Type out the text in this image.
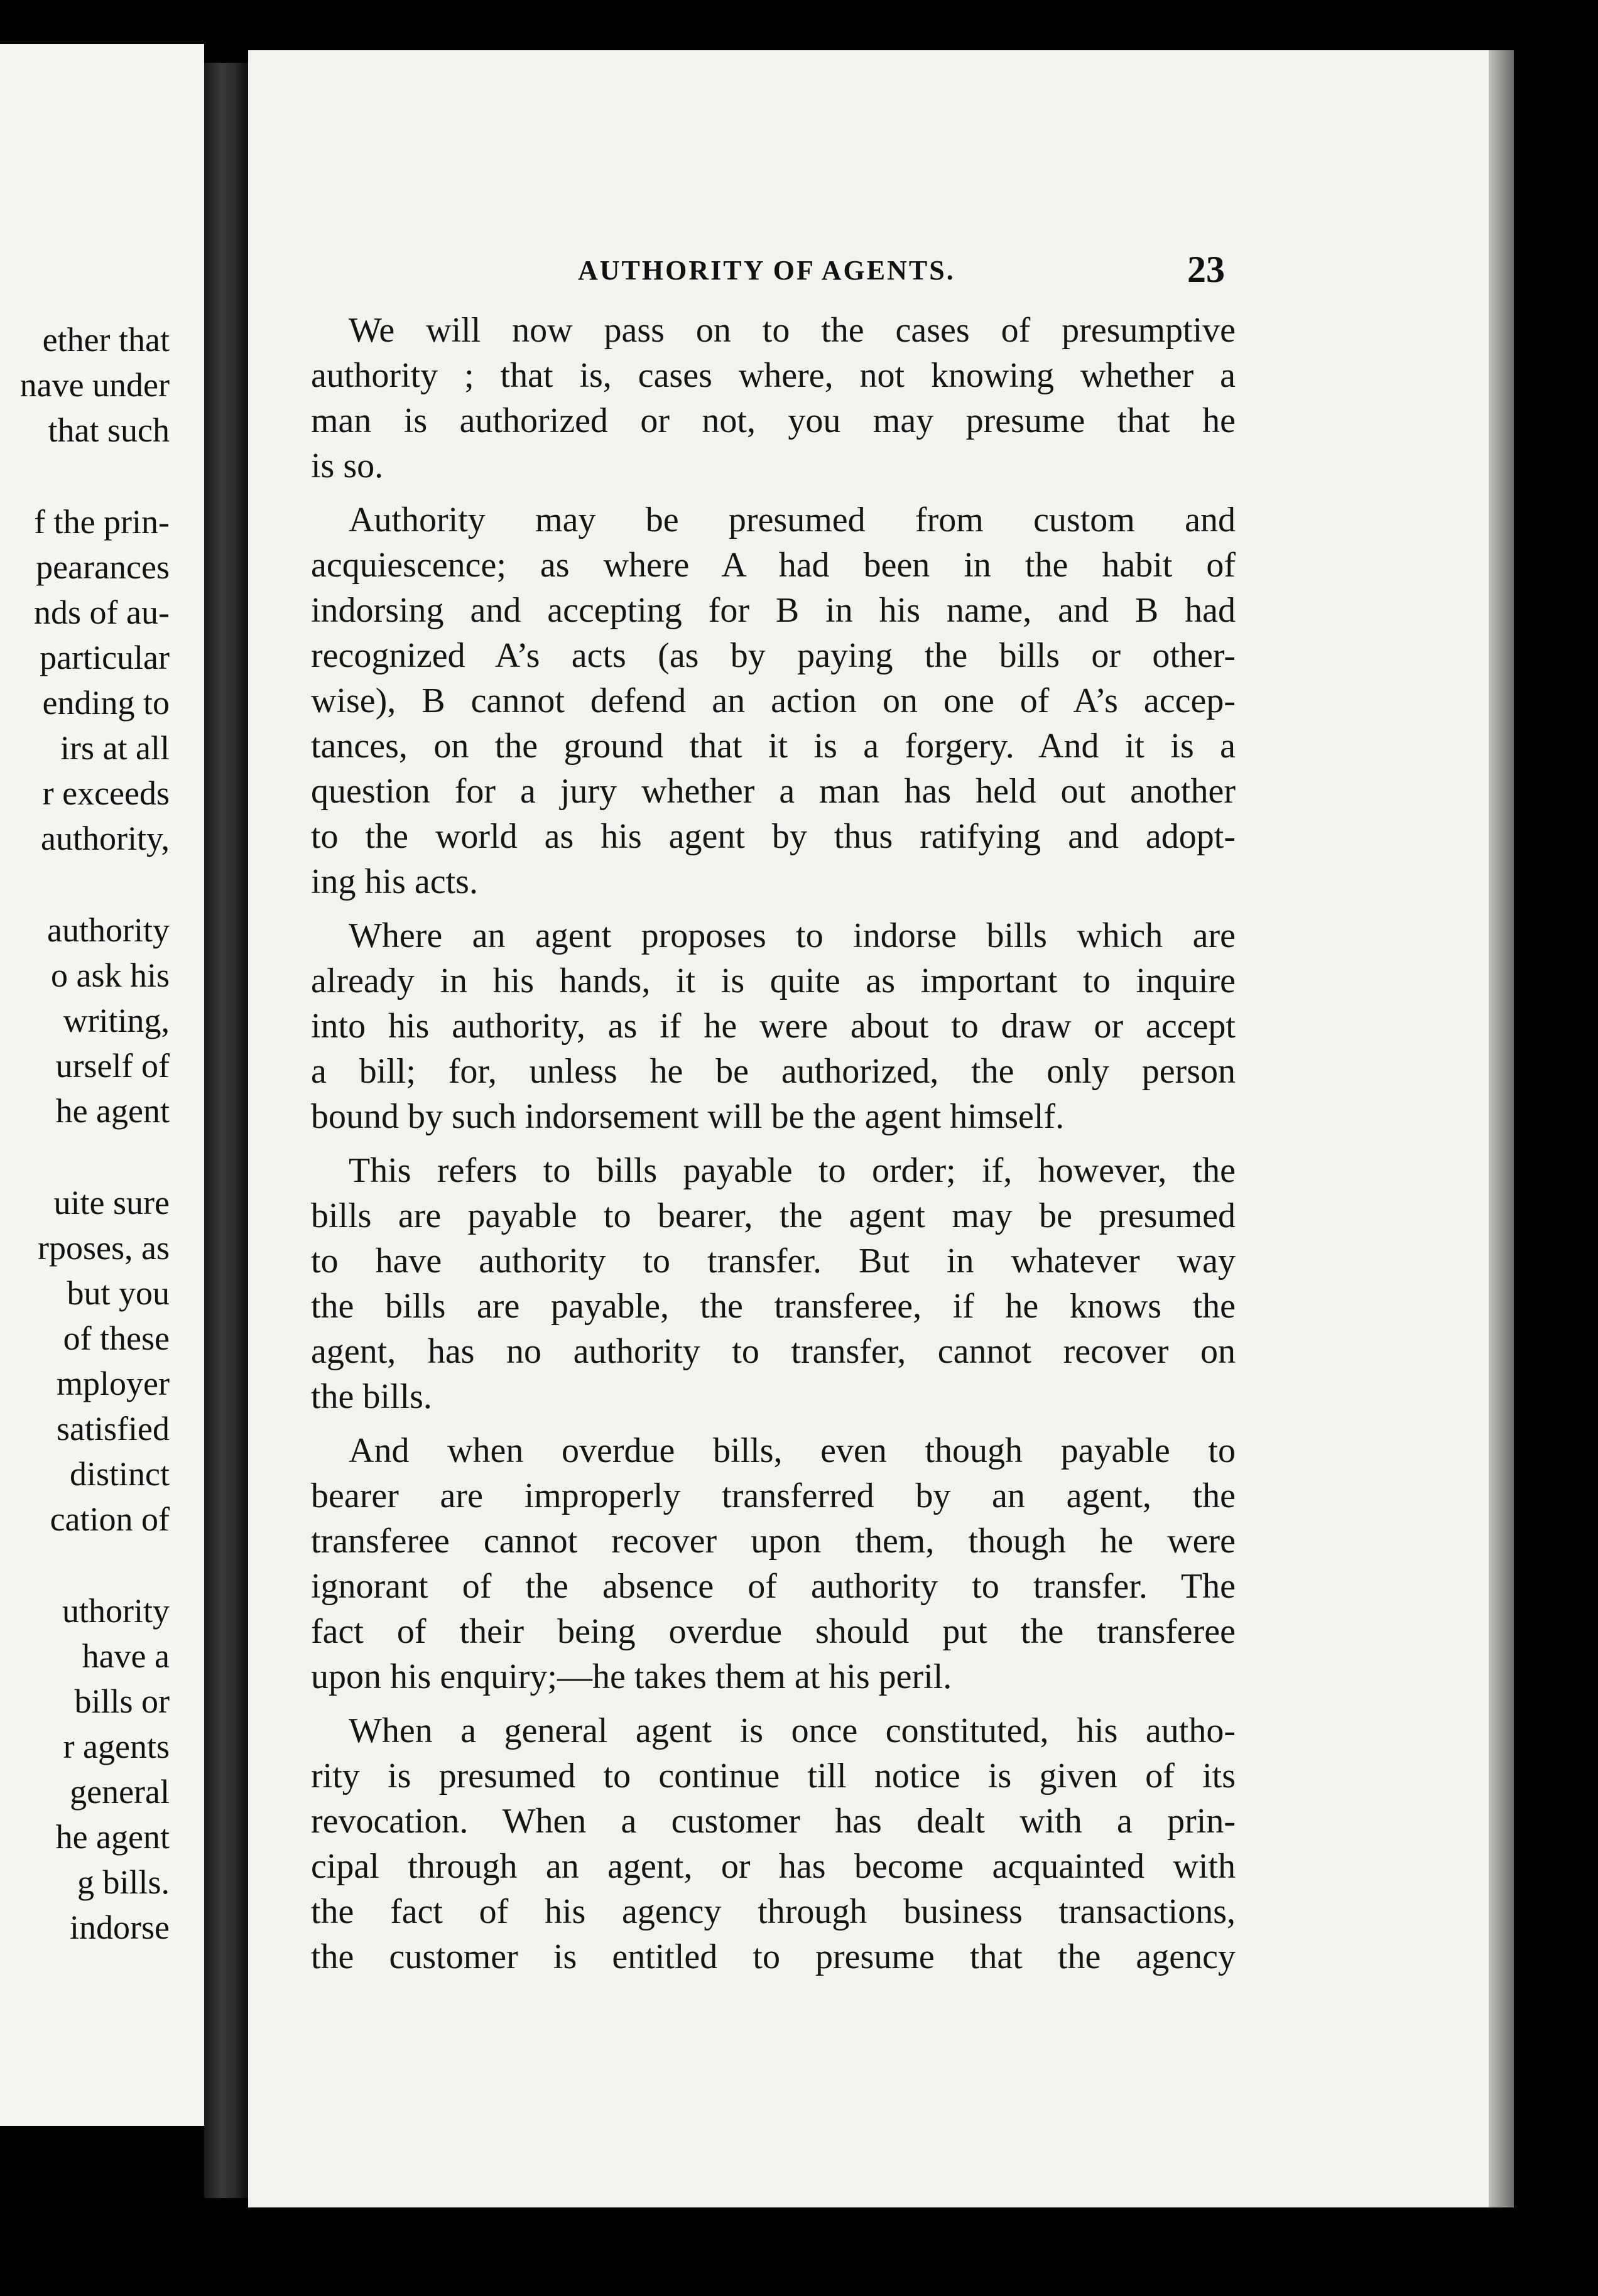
ether that
nave under
that such
f the prin-
pearances
nds of au-
particular
ending to
irs at all
r exceeds
authority,
authority
o ask his
writing,
urself of
he agent
uite sure
rposes, as
but you
of these
mployer
satisfied
distinct
cation of
uthority
have a
bills or
r agents
general
he agent
g bills.
indorse
AUTHORITY OF AGENTS.	23
We will now pass on to the cases of presumptive
authority ; that is, cases where, not knowing whether a
man is authorized or not, you may presume that he
is so.
Authority may be presumed from custom and
acquiescence; as where A had been in the habit of
indorsing and accepting for B in his name, and B had
recognized A’s acts (as by paying the bills or other-
wise), B cannot defend an action on one of A’s accep-
tances, on the ground that it is a forgery. And it is a
question for a jury whether a man has held out another
to the world as his agent by thus ratifying and adopt-
ing his acts.
Where an agent proposes to indorse bills which are
already in his hands, it is quite as important to inquire
into his authority, as if he were about to draw or accept
a bill; for, unless he be authorized, the only person
bound by such indorsement will be the agent himself.
This refers to bills payable to order; if, however, the
bills are payable to bearer, the agent may be presumed
to have authority to transfer. But in whatever way
the bills are payable, the transferee, if he knows the
agent, has no authority to transfer, cannot recover on
the bills.
And when overdue bills, even though payable to
bearer are improperly transferred by an agent, the
transferee cannot recover upon them, though he were
ignorant of the absence of authority to transfer. The
fact of their being overdue should put the transferee
upon his enquiry;—he takes them at his peril.
When a general agent is once constituted, his autho-
rity is presumed to continue till notice is given of its
revocation. When a customer has dealt with a prin-
cipal through an agent, or has become acquainted with
the fact of his agency through business transactions,
the customer is entitled to presume that the agency
